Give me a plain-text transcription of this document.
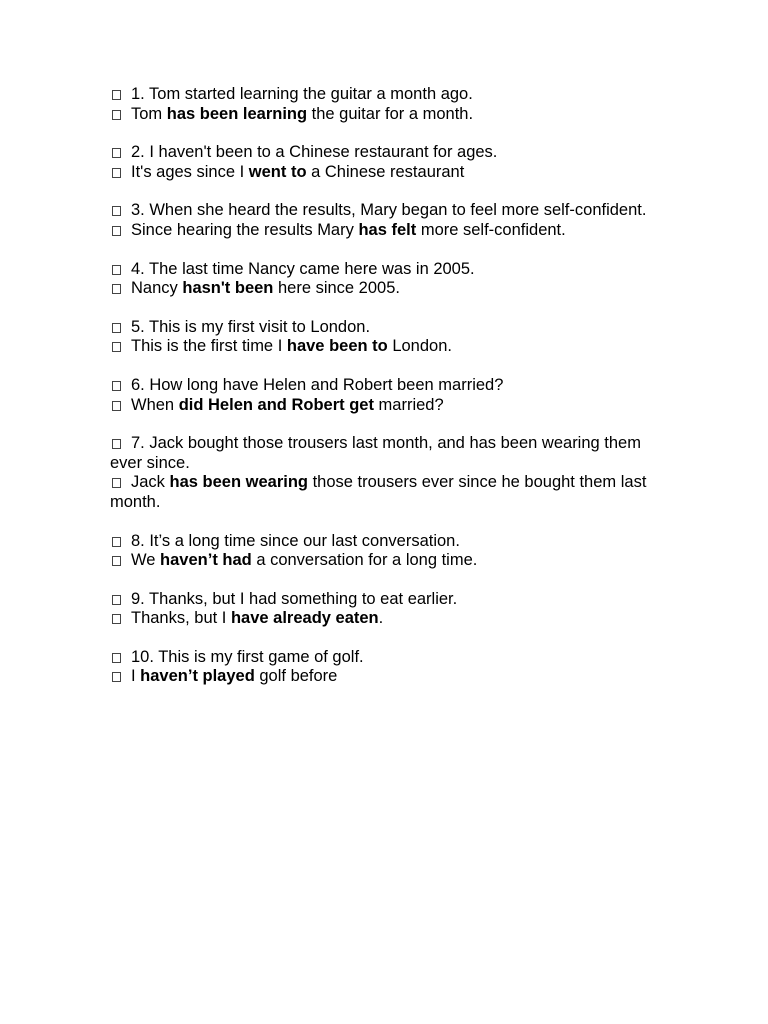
1. Tom started learning the guitar a month ago.

Tom has been learning the guitar for a month.

2. I haven't been to a Chinese restaurant for ages.

It's ages since I went to a Chinese restaurant

3. When she heard the results, Mary began to feel more self-confident.

Since hearing the results Mary has felt more self-confident.

4. The last time Nancy came here was in 2005.

Nancy hasn't been here since 2005.

5. This is my first visit to London.

This is the first time I have been to London.

6. How long have Helen and Robert been married?

When did Helen and Robert get married?

7. Jack bought those trousers last month, and has been wearing them ever since.

Jack has been wearing those trousers ever since he bought them last month.

8. It’s a long time since our last conversation.

We haven’t had a conversation for a long time.

9. Thanks, but I had something to eat earlier.

Thanks, but I have already eaten.

10. This is my first game of golf.

I haven’t played golf before
